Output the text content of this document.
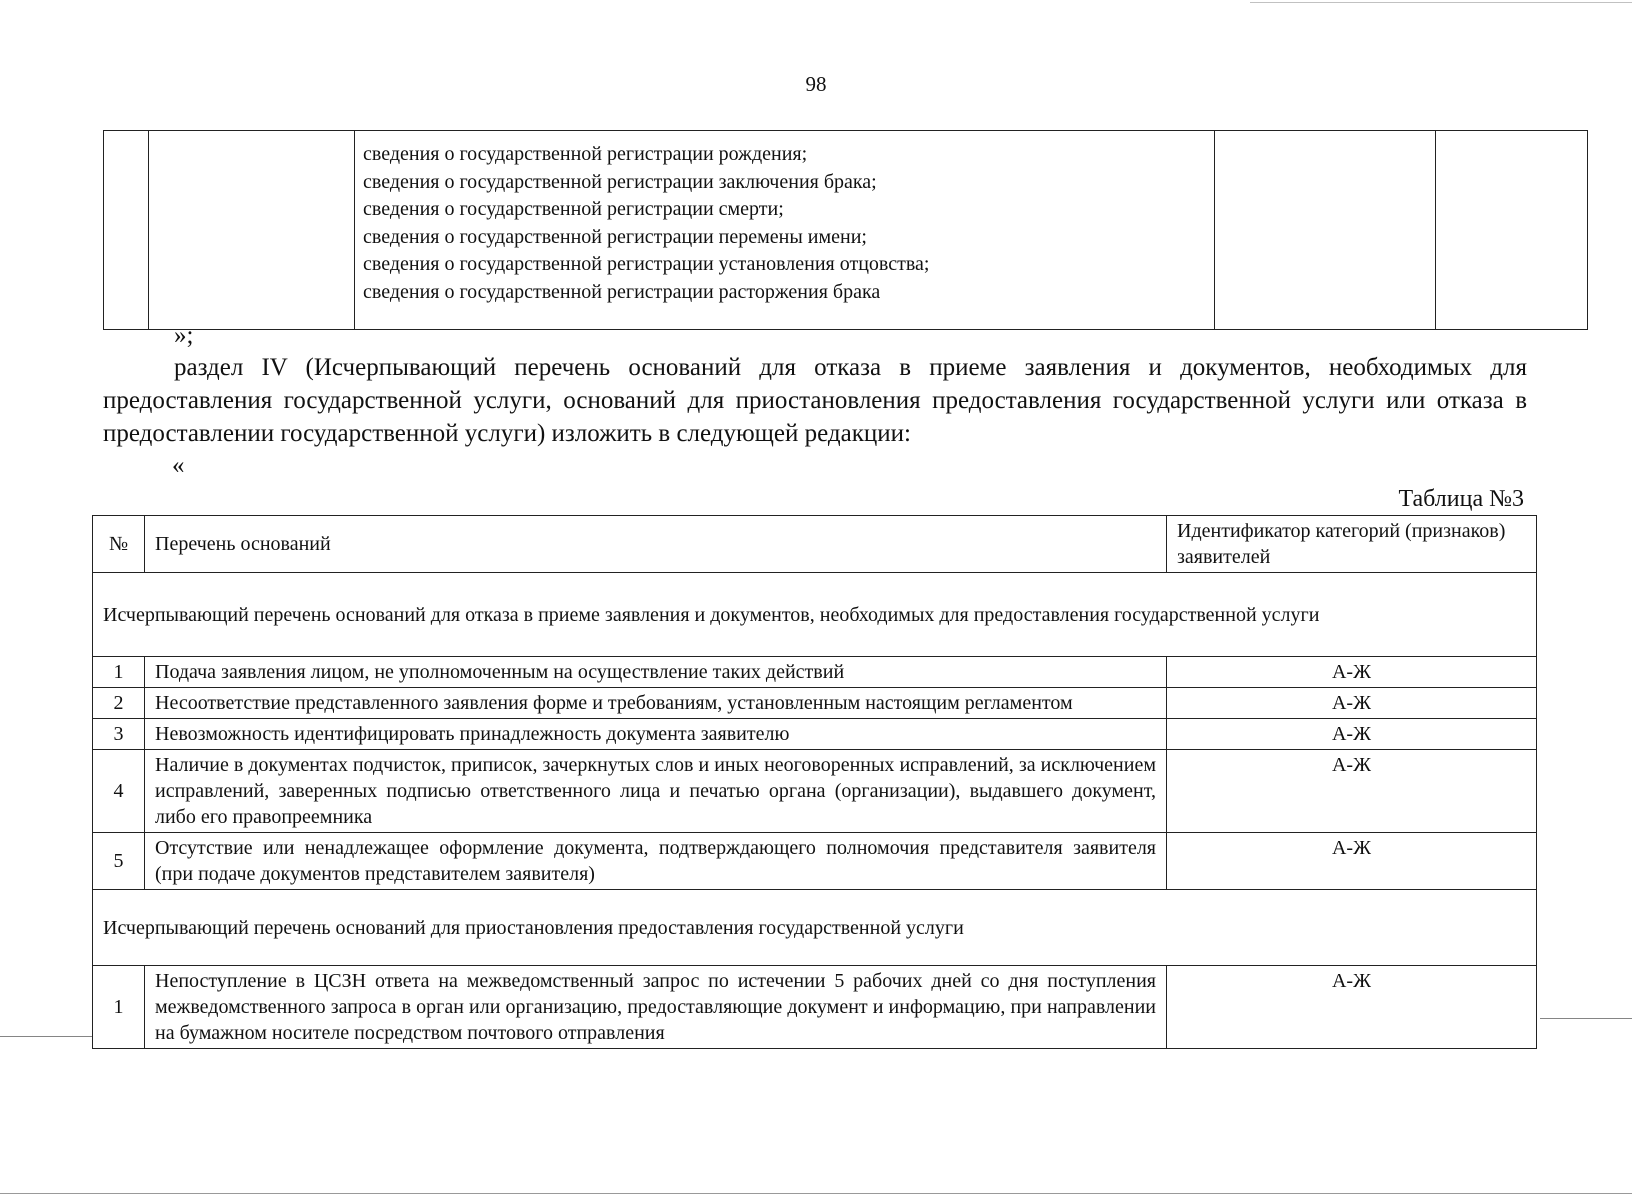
98

сведения о государственной регистрации рождения;
сведения о государственной регистрации заключения брака;
сведения о государственной регистрации смерти;
сведения о государственной регистрации перемены имени;
сведения о государственной регистрации установления отцовства;
сведения о государственной регистрации расторжения брака

»;
раздел IV (Исчерпывающий перечень оснований для отказа в приеме заявления и документов, необходимых для предоставления государственной услуги, оснований для приостановления предоставления государственной услуги или отказа в предоставлении государственной услуги) изложить в следующей редакции:
«
Таблица №3
№	Перечень оснований	Идентификатор категорий (признаков) заявителей
Исчерпывающий перечень оснований для отказа в приеме заявления и документов, необходимых для предоставления государственной услуги		
1	Подача заявления лицом, не уполномоченным на осуществление таких действий	А-Ж
2	Несоответствие представленного заявления форме и требованиям, установленным настоящим регламентом	А-Ж
3	Невозможность идентифицировать принадлежность документа заявителю	А-Ж
4	Наличие в документах подчисток, приписок, зачеркнутых слов и иных неоговоренных исправлений, за исключением исправлений, заверенных подписью ответственного лица и печатью органа (организации), выдавшего документ, либо его правопреемника	А-Ж
5	Отсутствие или ненадлежащее оформление документа, подтверждающего полномочия представителя заявителя (при подаче документов представителем заявителя)	А-Ж
Исчерпывающий перечень оснований для приостановления предоставления государственной услуги		
1	Непоступление в ЦСЗН ответа на межведомственный запрос по истечении 5 рабочих дней со дня поступления межведомственного запроса в орган или организацию, предоставляющие документ и информацию, при направлении на бумажном носителе посредством почтового отправления	А-Ж
